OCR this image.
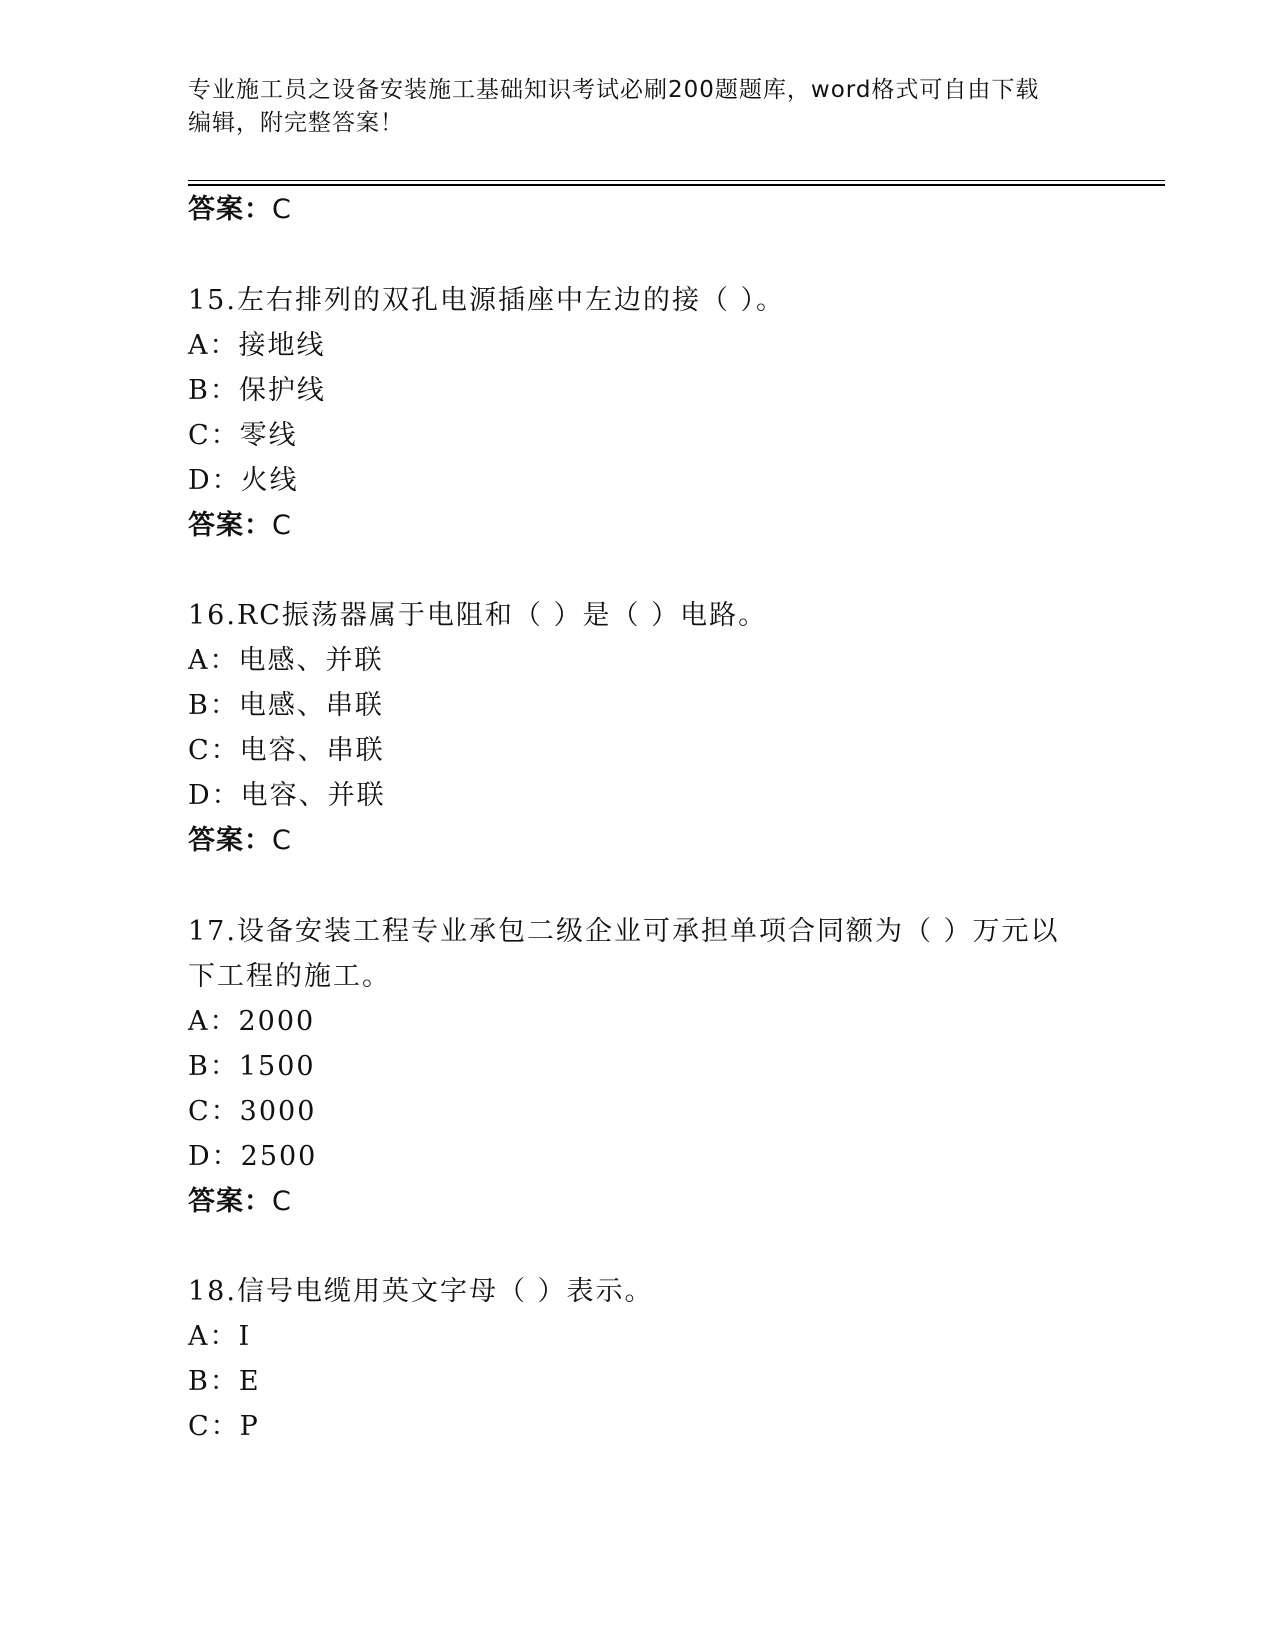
专业施工员之设备安装施工基础知识考试必刷200题题库，word格式可自由下载
编辑，附完整答案！
答案：C
15.左右排列的双孔电源插座中左边的接（ ）。
A：接地线
B：保护线
C：零线
D：火线
答案：C
16.RC振荡器属于电阻和（ ）是（ ）电路。
A：电感、并联
B：电感、串联
C：电容、串联
D：电容、并联
答案：C
17.设备安装工程专业承包二级企业可承担单项合同额为（ ）万元以
下工程的施工。
A：2000
B：1500
C：3000
D：2500
答案：C
18.信号电缆用英文字母（ ）表示。
A：I
B：E
C：P
